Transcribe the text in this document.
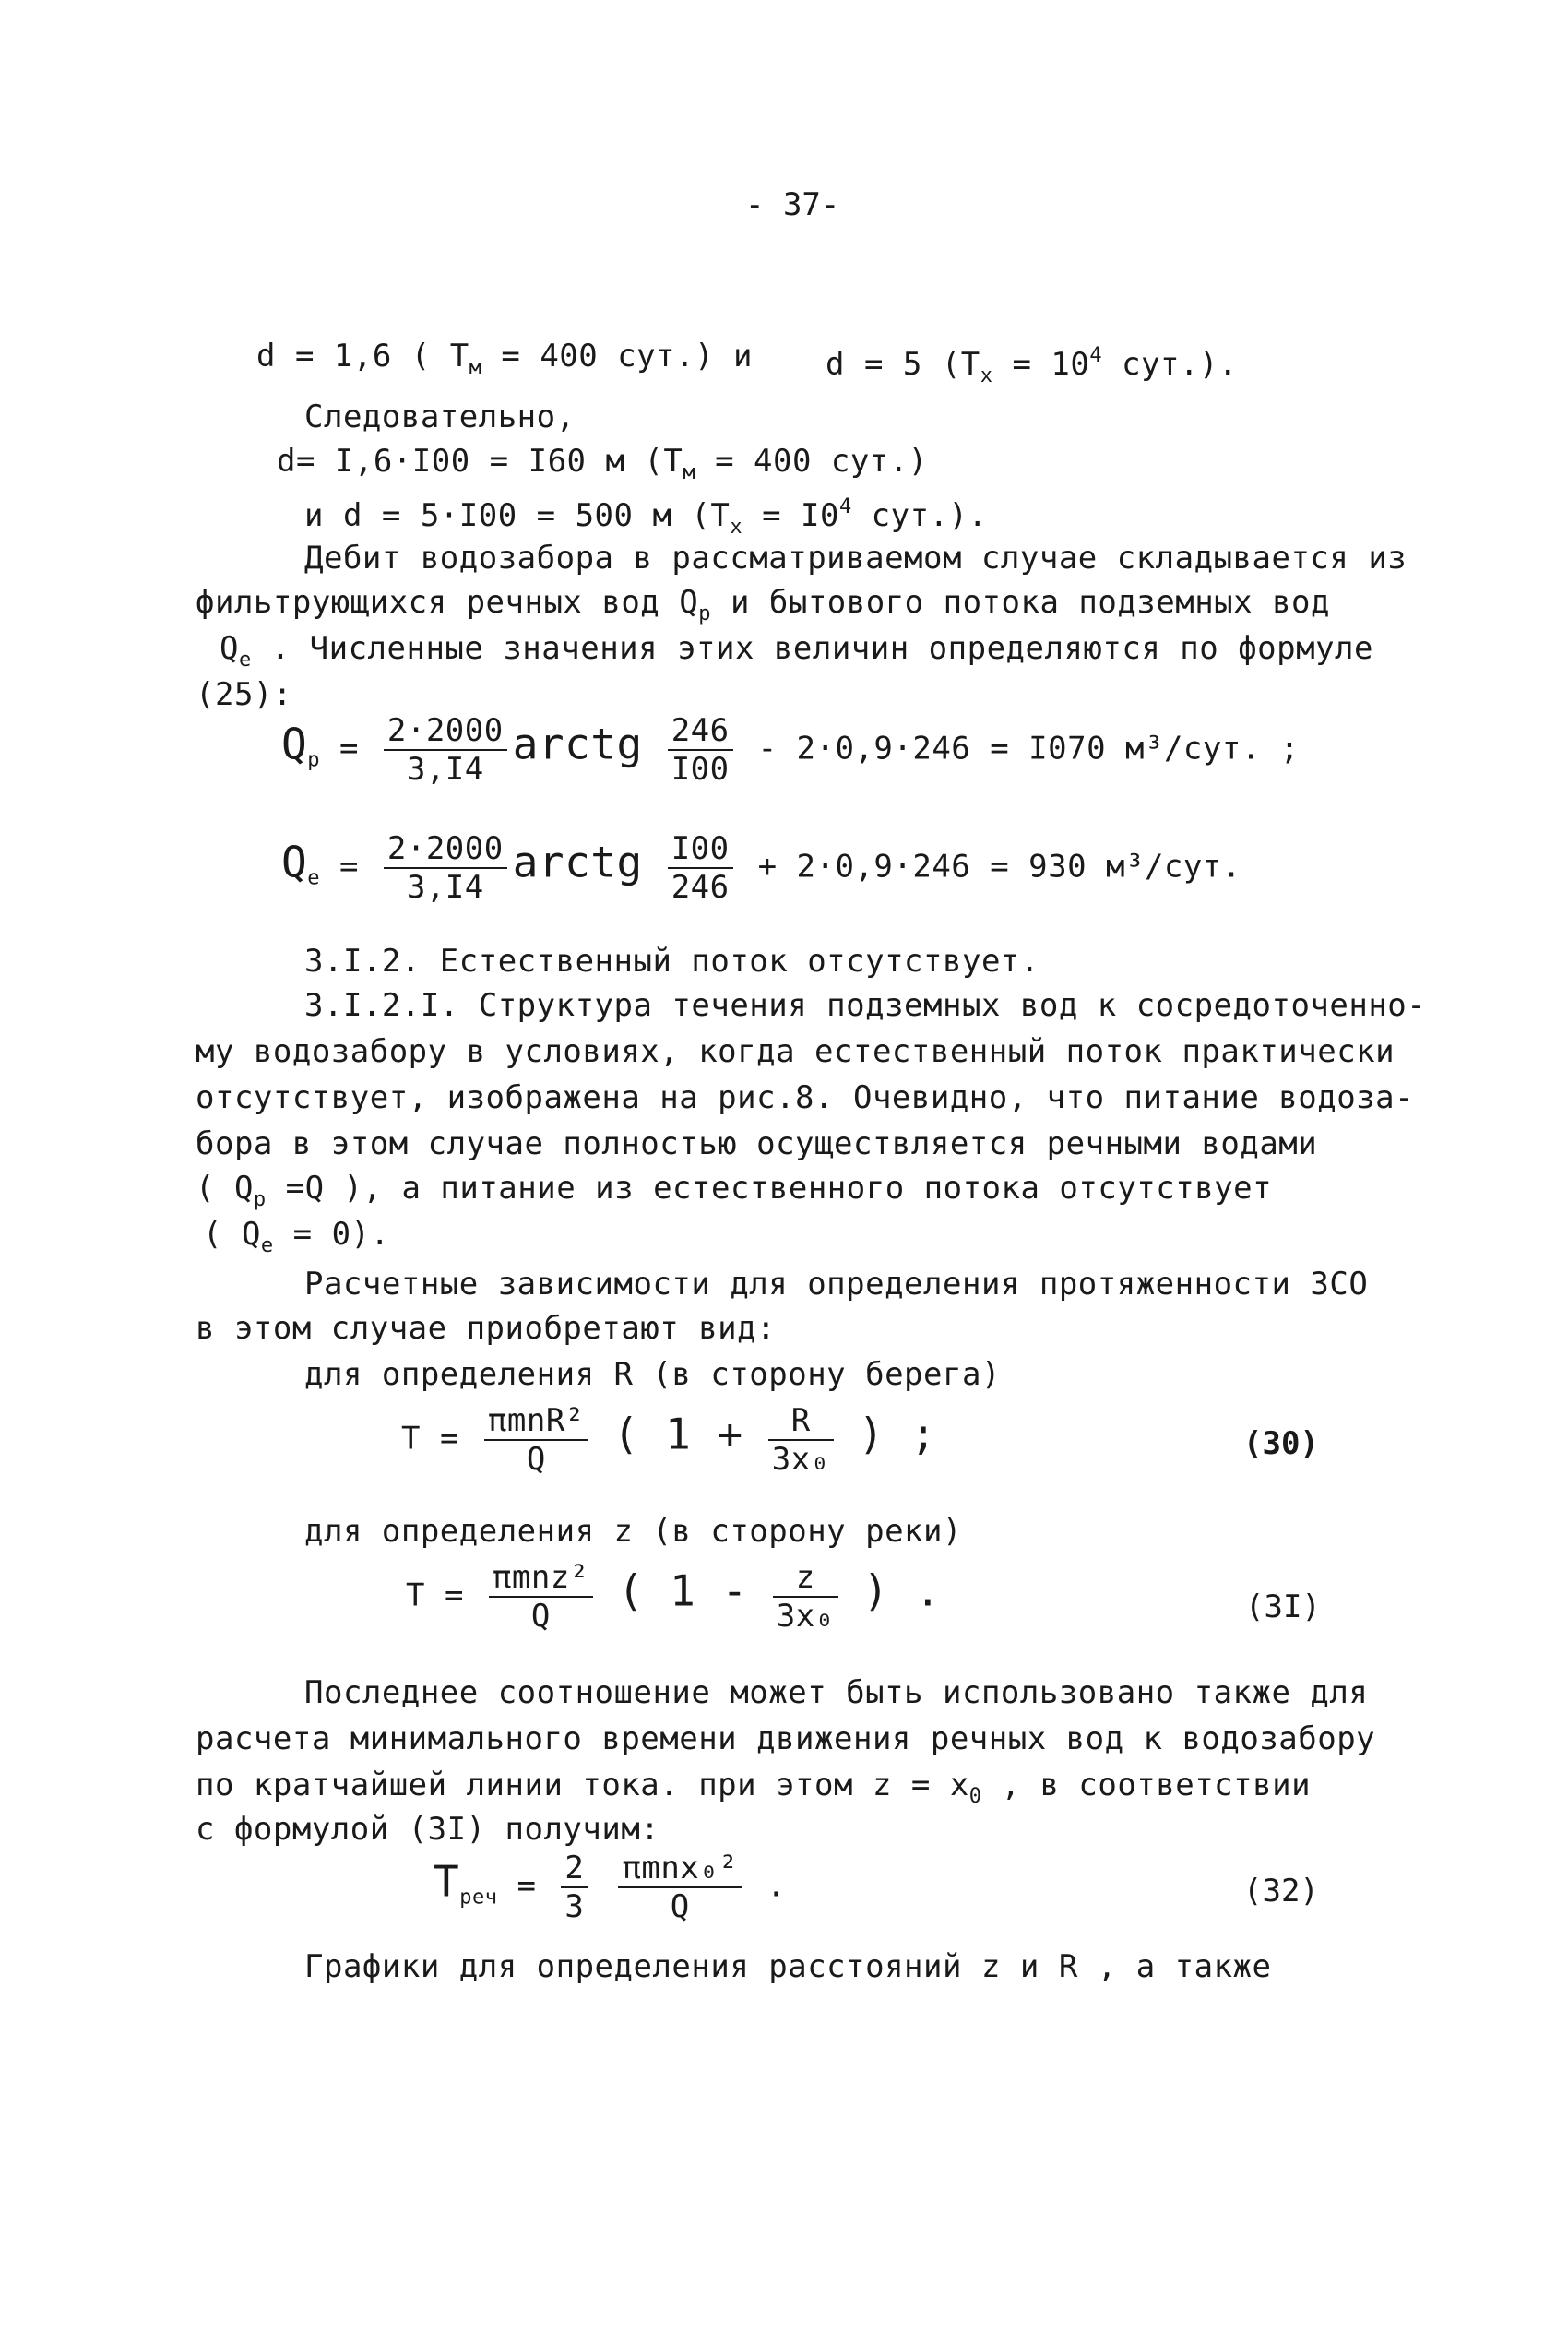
- 37-
d = 1,6 ( $T_м = 400$ сут.) и d = 5 ($T_x = 10^4$ сут.).
Следовательно,
d= I,6·I00 = I60 м ($T_м = 400$ сут.)
и d = 5·I00 = 500 м ($T_x = I0^4$ сут.).
Дебит водозабора в рассматриваемом случае складывается из
фильтрующихся речных вод $Q_р$ и бытового потока подземных вод
$Q_е$ . Численные значения этих величин определяются по формуле
(25):
$Q_р = \frac{2\cdot 2000}{3,I4}$ arctg $\frac{246}{I00} - 2\cdot 0,9\cdot 246 = I070$ м³/сут. ;
$Q_е = \frac{2\cdot 2000}{3,I4}$ arctg $\frac{I00}{246} + 2\cdot 0,9\cdot 246 = 930$ м³/сут.
3.I.2. Естественный поток отсутствует.
3.I.2.I. Структура течения подземных вод к сосредоточенно-
му водозабору в условиях, когда естественный поток практически
отсутствует, изображена на рис.8. Очевидно, что питание водоза-
бора в этом случае полностью осуществляется речными водами
( $Q_р =Q$ ), а питание из естественного потока отсутствует
( $Q_е = 0$).
Расчетные зависимости для определения протяженности ЗСО
в этом случае приобретают вид:
для определения R (в сторону берега)
$T = \frac{\text{πmnR²}}{Q}$ ( $1 + \frac{R}{\text{3x₀}}$ ) ;	(30)
для определения z (в сторону реки)
$T = \frac{\text{πmnz²}}{Q}$ ( $1 - \frac{z}{\text{3x₀}}$ ) .	(3I)
Последнее соотношение может быть использовано также для
расчета минимального времени движения речных вод к водозабору
по кратчайшей линии тока. при этом $z = x_0$ , в соответствии
с формулой (3I) получим:
$T_{реч} = \frac{2}{3}$
$\frac{\text{πmnx₀²}}{Q}$ .	(32)
Графики для определения расстояний z и R , а также
